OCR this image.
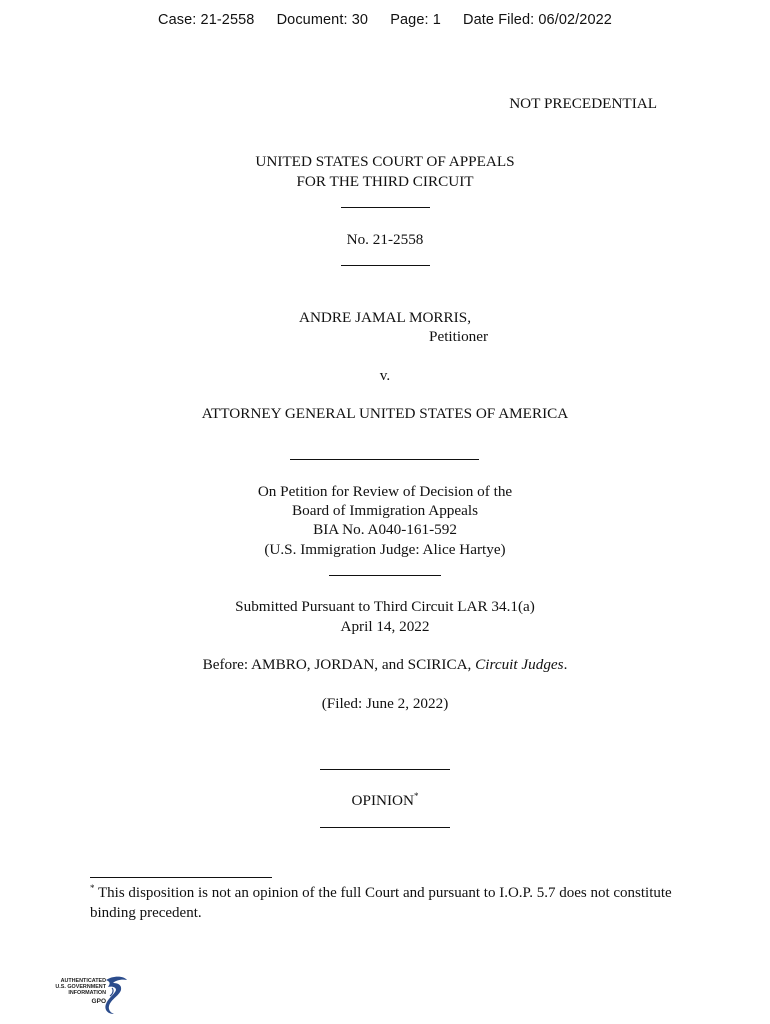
Case: 21-2558 Document: 30 Page: 1 Date Filed: 06/02/2022
NOT PRECEDENTIAL
UNITED STATES COURT OF APPEALS
FOR THE THIRD CIRCUIT
No. 21-2558
ANDRE JAMAL MORRIS,
Petitioner
v.
ATTORNEY GENERAL UNITED STATES OF AMERICA
On Petition for Review of Decision of the
Board of Immigration Appeals
BIA No. A040-161-592
(U.S. Immigration Judge: Alice Hartye)
Submitted Pursuant to Third Circuit LAR 34.1(a)
April 14, 2022
Before: AMBRO, JORDAN, and SCIRICA, Circuit Judges.
(Filed: June 2, 2022)
OPINION*
* This disposition is not an opinion of the full Court and pursuant to I.O.P. 5.7 does not constitute binding precedent.
AUTHENTICATED
U.S. GOVERNMENT
INFORMATION
GPO
